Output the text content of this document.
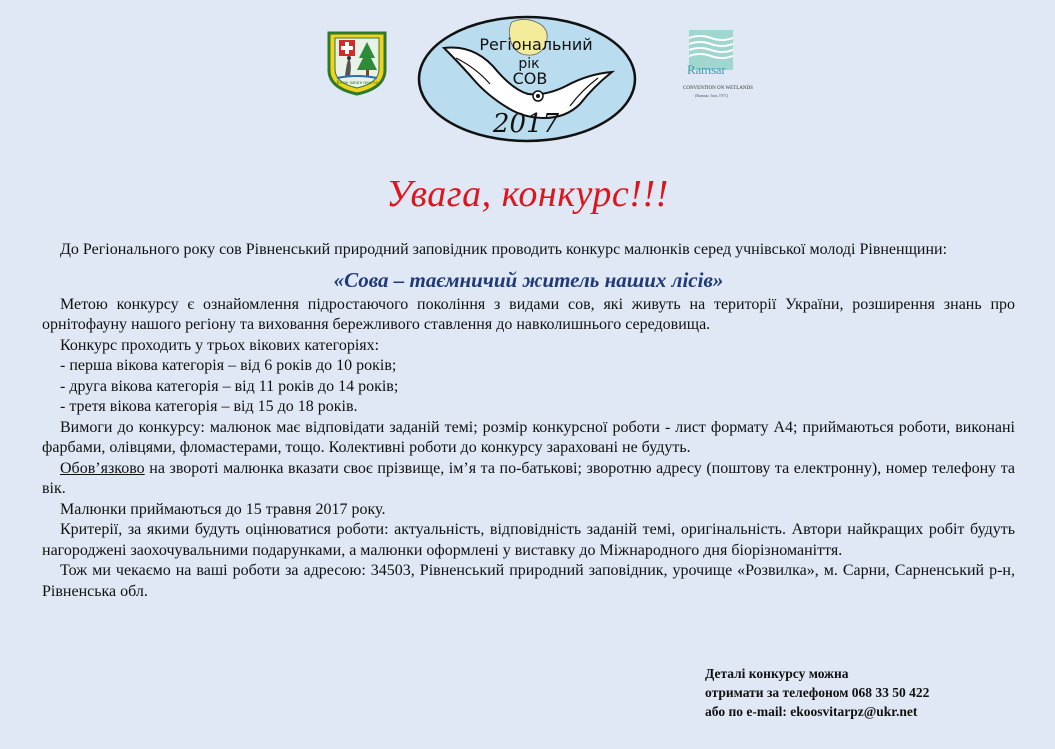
Rivne nature reserve
Регіональний
рік
СОВ
2017
Ramsar
CONVENTION ON WETLANDS
(Ramsar, Iran, 1971)
Увага, конкурс!!!

До Регіонального року сов Рівненський природний заповідник проводить конкурс малюнків серед учнівської молоді Рівненщини:

«Сова – таємничий житель наших лісів»

Метою конкурсу є ознайомлення підростаючого покоління з видами сов, які живуть на території України, розширення знань про орнітофауну нашого регіону та виховання бережливого ставлення до навколишнього середовища.

Конкурс проходить у трьох вікових категоріях:

- перша вікова категорія – від 6 років до 10 років;

- друга вікова категорія – від 11 років до 14 років;

- третя вікова категорія – від 15 до 18 років.

Вимоги до конкурсу: малюнок має відповідати заданій темі; розмір конкурсної роботи - лист формату А4; приймаються роботи, виконані фарбами, олівцями, фломастерами, тощо. Колективні роботи до конкурсу зараховані не будуть.

Обов’язково на звороті малюнка вказати своє прізвище, ім’я та по-батькові; зворотню адресу (поштову та електронну), номер телефону та вік.

Малюнки приймаються до 15 травня 2017 року.

Критерії, за якими будуть оцінюватися роботи: актуальність, відповідність заданій темі, оригінальність. Автори найкращих робіт будуть нагороджені заохочувальними подарунками, а малюнки оформлені у виставку до Міжнародного дня біорізноманіття.

Тож ми чекаємо на ваші роботи за адресою: 34503, Рівненський природний заповідник, урочище «Розвилка», м. Сарни, Сарненський р-н, Рівненська обл.

Деталі конкурсу можна
отримати за телефоном 068 33 50 422
або по e-mail: ekoosvitarpz@ukr.net
